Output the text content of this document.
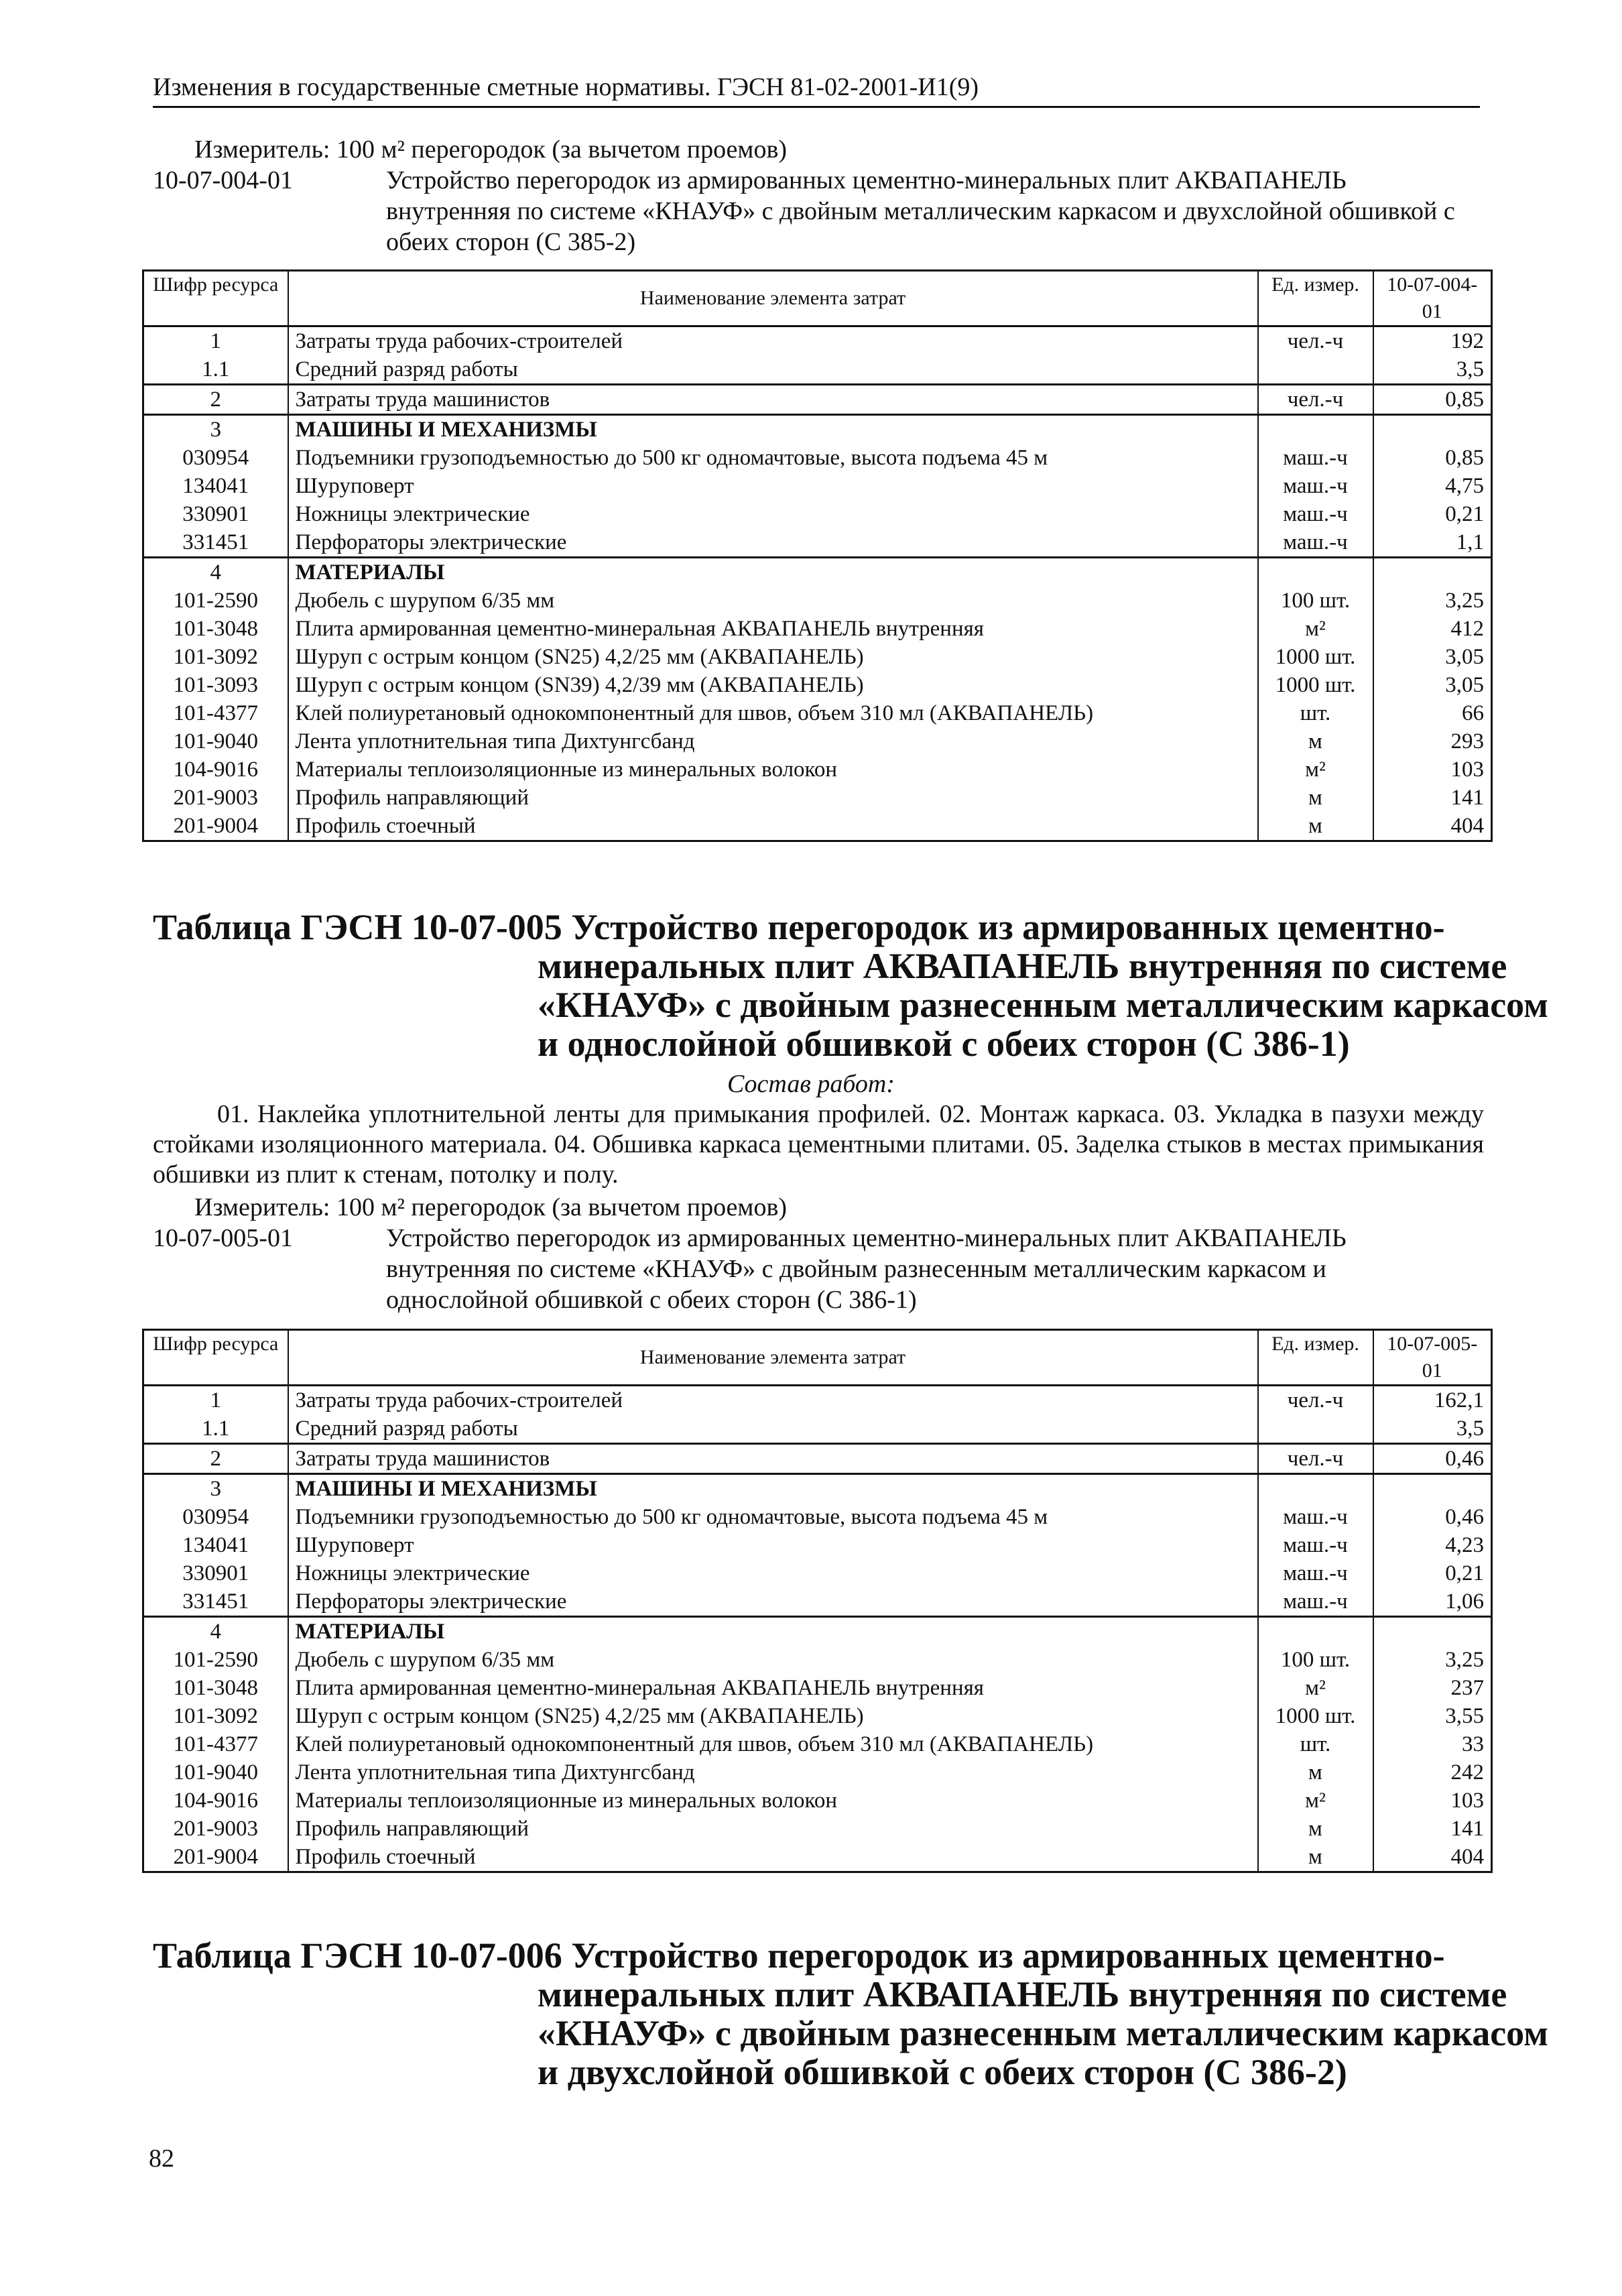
Изменения в государственные сметные нормативы. ГЭСН 81-02-2001-И1(9)
Измеритель: 100 м² перегородок (за вычетом проемов)
10-07-004-01	Устройство перегородок из армированных цементно-минеральных плит АКВАПАНЕЛЬ внутренняя по системе «КНАУФ» с двойным металлическим каркасом и двухслойной обшивкой с обеих сторон (С 385-2)
Шифр ресурса	Наименование элемента затрат	Ед. измер.	10-07-004-01
1	Затраты труда рабочих-строителей	чел.-ч	192
1.1	Средний разряд работы		3,5
2	Затраты труда машинистов	чел.-ч	0,85
3	МАШИНЫ И МЕХАНИЗМЫ		
030954	Подъемники грузоподъемностью до 500 кг одномачтовые, высота подъема 45 м	маш.-ч	0,85
134041	Шуруповерт	маш.-ч	4,75
330901	Ножницы электрические	маш.-ч	0,21
331451	Перфораторы электрические	маш.-ч	1,1
4	МАТЕРИАЛЫ		
101-2590	Дюбель с шурупом 6/35 мм	100 шт.	3,25
101-3048	Плита армированная цементно-минеральная АКВАПАНЕЛЬ внутренняя	м²	412
101-3092	Шуруп с острым концом (SN25) 4,2/25 мм (АКВАПАНЕЛЬ)	1000 шт.	3,05
101-3093	Шуруп с острым концом (SN39) 4,2/39 мм (АКВАПАНЕЛЬ)	1000 шт.	3,05
101-4377	Клей полиуретановый однокомпонентный для швов, объем 310 мл (АКВАПАНЕЛЬ)	шт.	66
101-9040	Лента уплотнительная типа Дихтунгсбанд	м	293
104-9016	Материалы теплоизоляционные из минеральных волокон	м²	103
201-9003	Профиль направляющий	м	141
201-9004	Профиль стоечный	м	404
Таблица ГЭСН 10-07-005 Устройство перегородок из армированных цементно-
минеральных плит АКВАПАНЕЛЬ внутренняя по системе
«КНАУФ» с двойным разнесенным металлическим каркасом
и однослойной обшивкой с обеих сторон (С 386-1)
Состав работ:
01. Наклейка уплотнительной ленты для примыкания профилей. 02. Монтаж каркаса. 03. Укладка в пазухи между стойками изоляционного материала. 04. Обшивка каркаса цементными плитами. 05. Заделка стыков в местах примыкания обшивки из плит к стенам, потолку и полу.
Измеритель: 100 м² перегородок (за вычетом проемов)
10-07-005-01	Устройство перегородок из армированных цементно-минеральных плит АКВАПАНЕЛЬ внутренняя по системе «КНАУФ» с двойным разнесенным металлическим каркасом и однослойной обшивкой с обеих сторон (С 386-1)
Шифр ресурса	Наименование элемента затрат	Ед. измер.	10-07-005-01
1	Затраты труда рабочих-строителей	чел.-ч	162,1
1.1	Средний разряд работы		3,5
2	Затраты труда машинистов	чел.-ч	0,46
3	МАШИНЫ И МЕХАНИЗМЫ		
030954	Подъемники грузоподъемностью до 500 кг одномачтовые, высота подъема 45 м	маш.-ч	0,46
134041	Шуруповерт	маш.-ч	4,23
330901	Ножницы электрические	маш.-ч	0,21
331451	Перфораторы электрические	маш.-ч	1,06
4	МАТЕРИАЛЫ		
101-2590	Дюбель с шурупом 6/35 мм	100 шт.	3,25
101-3048	Плита армированная цементно-минеральная АКВАПАНЕЛЬ внутренняя	м²	237
101-3092	Шуруп с острым концом (SN25) 4,2/25 мм (АКВАПАНЕЛЬ)	1000 шт.	3,55
101-4377	Клей полиуретановый однокомпонентный для швов, объем 310 мл (АКВАПАНЕЛЬ)	шт.	33
101-9040	Лента уплотнительная типа Дихтунгсбанд	м	242
104-9016	Материалы теплоизоляционные из минеральных волокон	м²	103
201-9003	Профиль направляющий	м	141
201-9004	Профиль стоечный	м	404
Таблица ГЭСН 10-07-006 Устройство перегородок из армированных цементно-
минеральных плит АКВАПАНЕЛЬ внутренняя по системе
«КНАУФ» с двойным разнесенным металлическим каркасом
и двухслойной обшивкой с обеих сторон (С 386-2)
82
